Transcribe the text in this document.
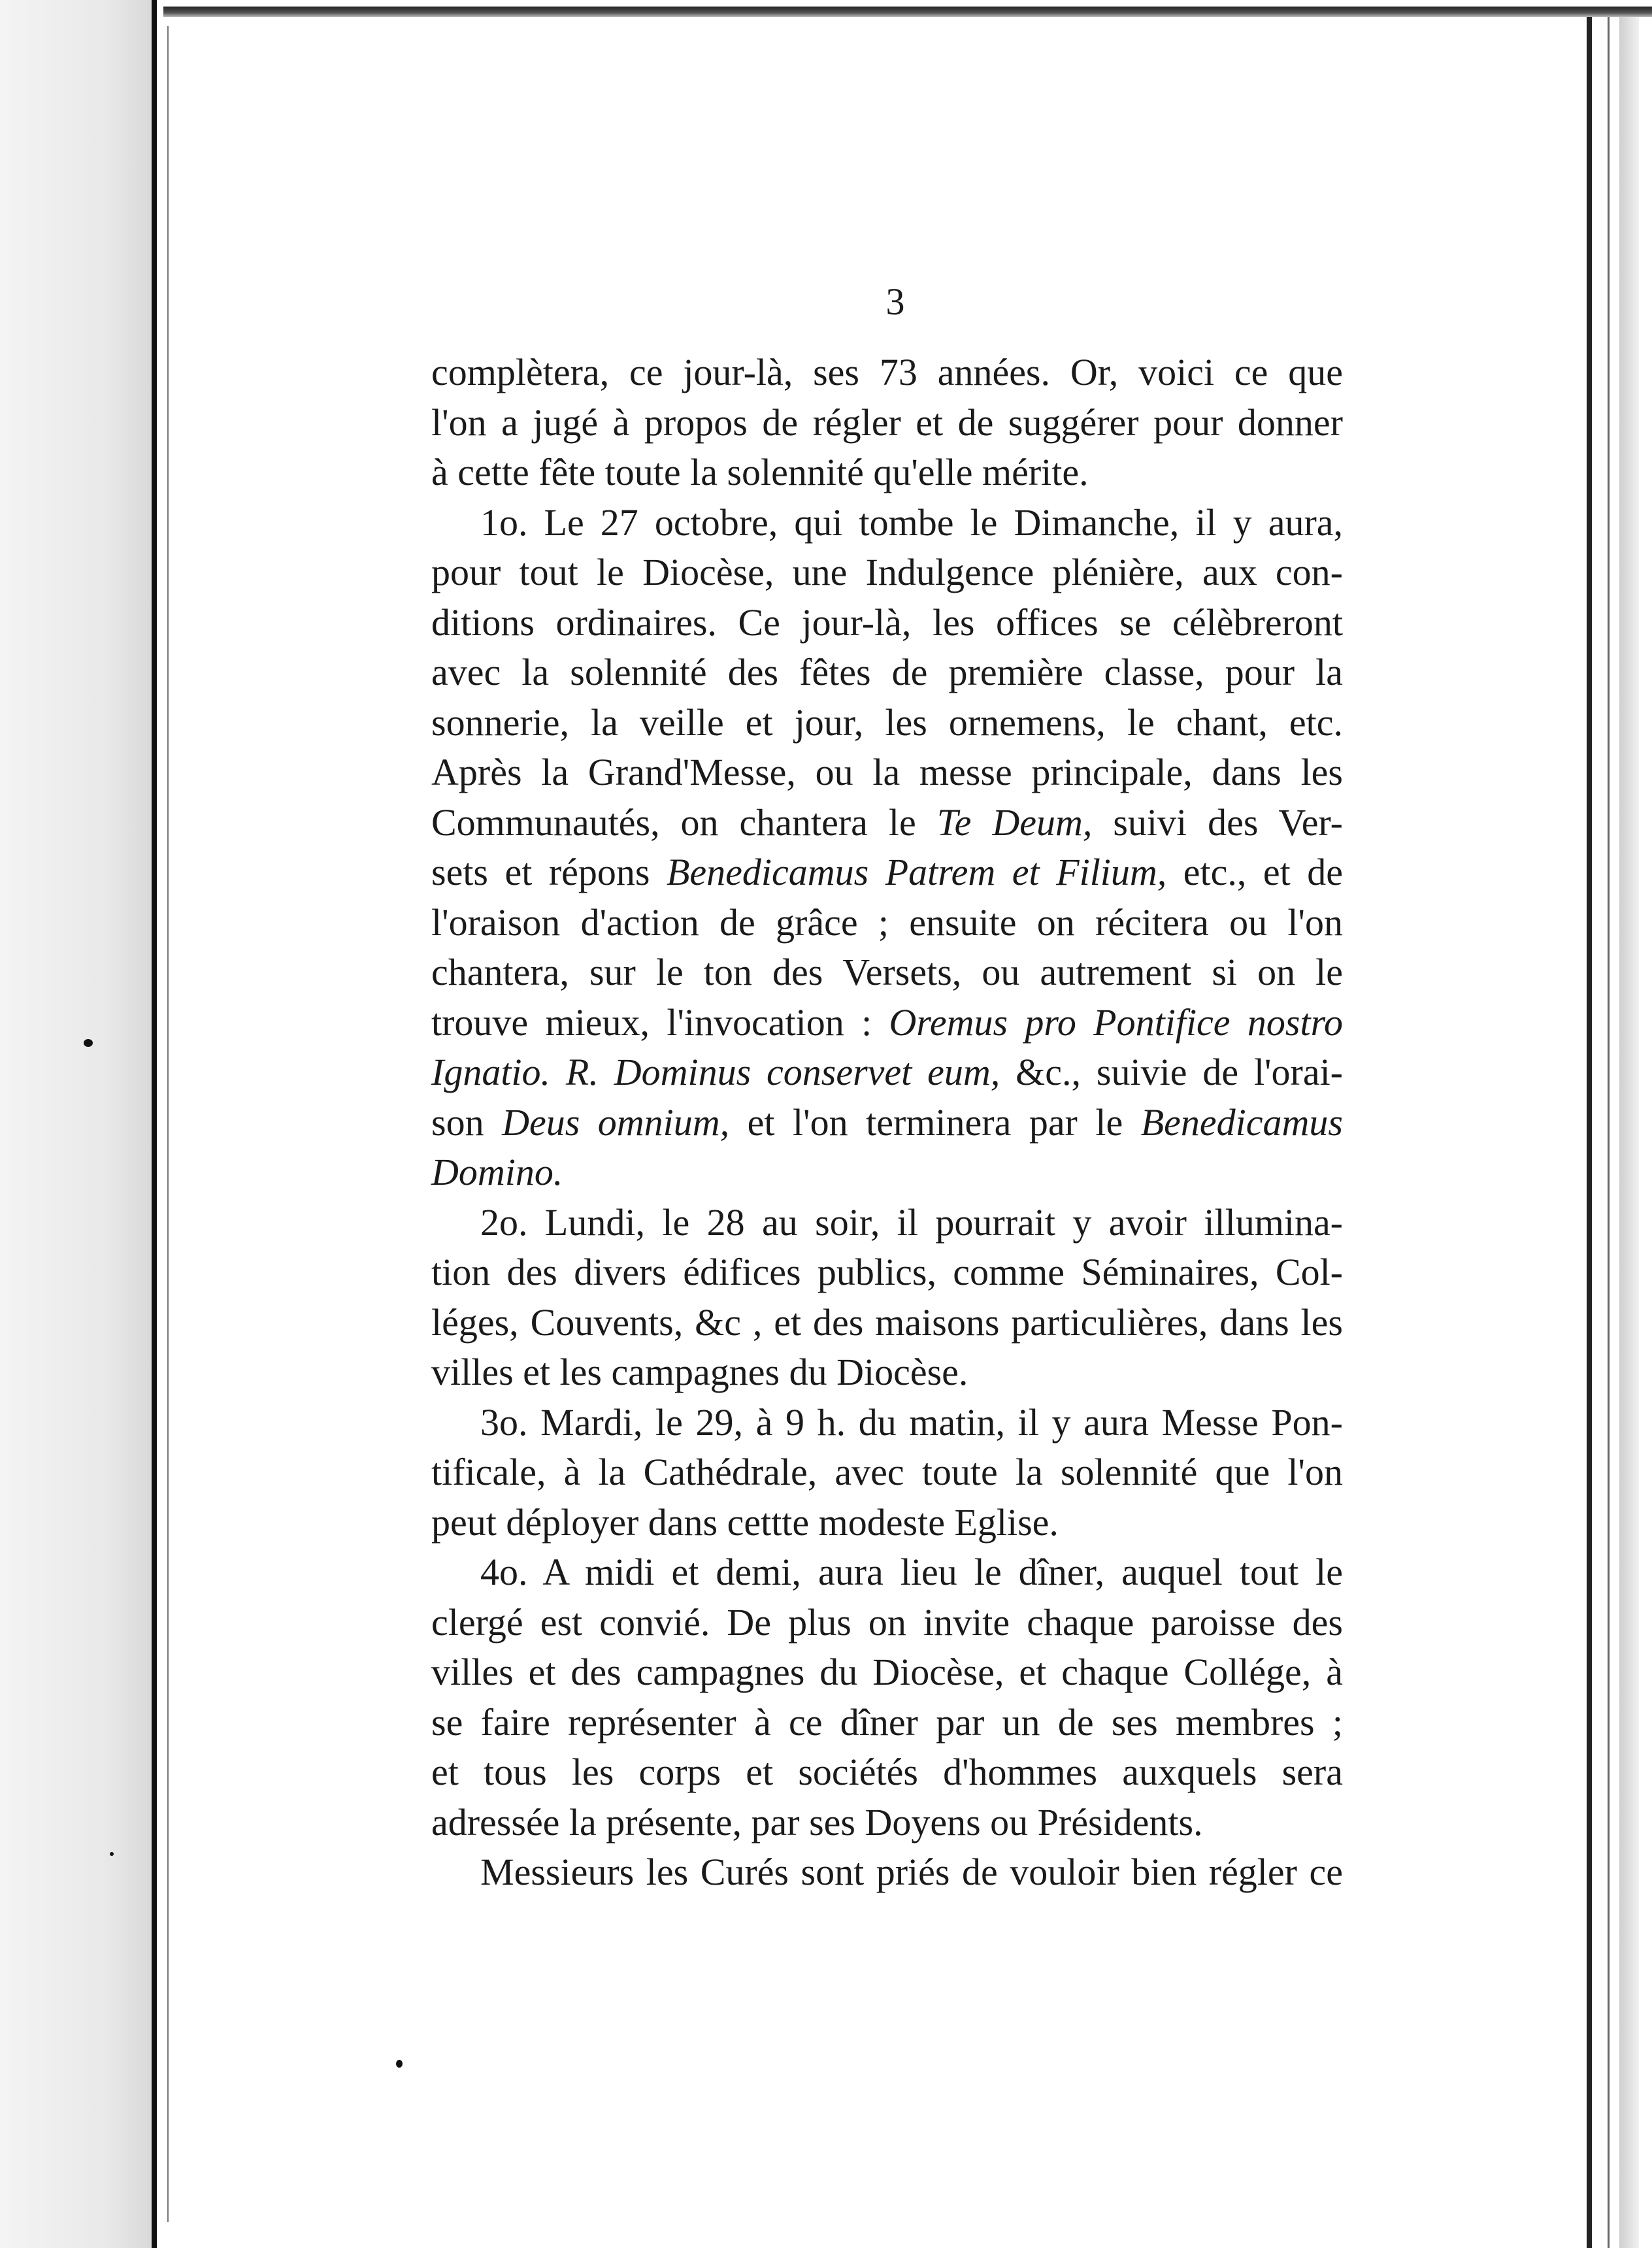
3
complètera, ce jour-là, ses 73 années. Or, voici ce que
l'on a jugé à propos de régler et de suggérer pour donner
à cette fête toute la solennité qu'elle mérite.
1o. Le 27 octobre, qui tombe le Dimanche, il y aura,
pour tout le Diocèse, une Indulgence plénière, aux con-
ditions ordinaires. Ce jour-là, les offices se célèbreront
avec la solennité des fêtes de première classe, pour la
sonnerie, la veille et jour, les ornemens, le chant, etc.
Après la Grand'Messe, ou la messe principale, dans les
Communautés, on chantera le Te Deum, suivi des Ver-
sets et répons Benedicamus Patrem et Filium, etc., et de
l'oraison d'action de grâce ; ensuite on récitera ou l'on
chantera, sur le ton des Versets, ou autrement si on le
trouve mieux, l'invocation : Oremus pro Pontifice nostro
Ignatio. R. Dominus conservet eum, &c., suivie de l'orai-
son Deus omnium, et l'on terminera par le Benedicamus
Domino.
2o. Lundi, le 28 au soir, il pourrait y avoir illumina-
tion des divers édifices publics, comme Séminaires, Col-
léges, Couvents, &c , et des maisons particulières, dans les
villes et les campagnes du Diocèse.
3o. Mardi, le 29, à 9 h. du matin, il y aura Messe Pon-
tificale, à la Cathédrale, avec toute la solennité que l'on
peut déployer dans cettte modeste Eglise.
4o. A midi et demi, aura lieu le dîner, auquel tout le
clergé est convié. De plus on invite chaque paroisse des
villes et des campagnes du Diocèse, et chaque Collége, à
se faire représenter à ce dîner par un de ses membres ;
et tous les corps et sociétés d'hommes auxquels sera
adressée la présente, par ses Doyens ou Présidents.
Messieurs les Curés sont priés de vouloir bien régler ce
